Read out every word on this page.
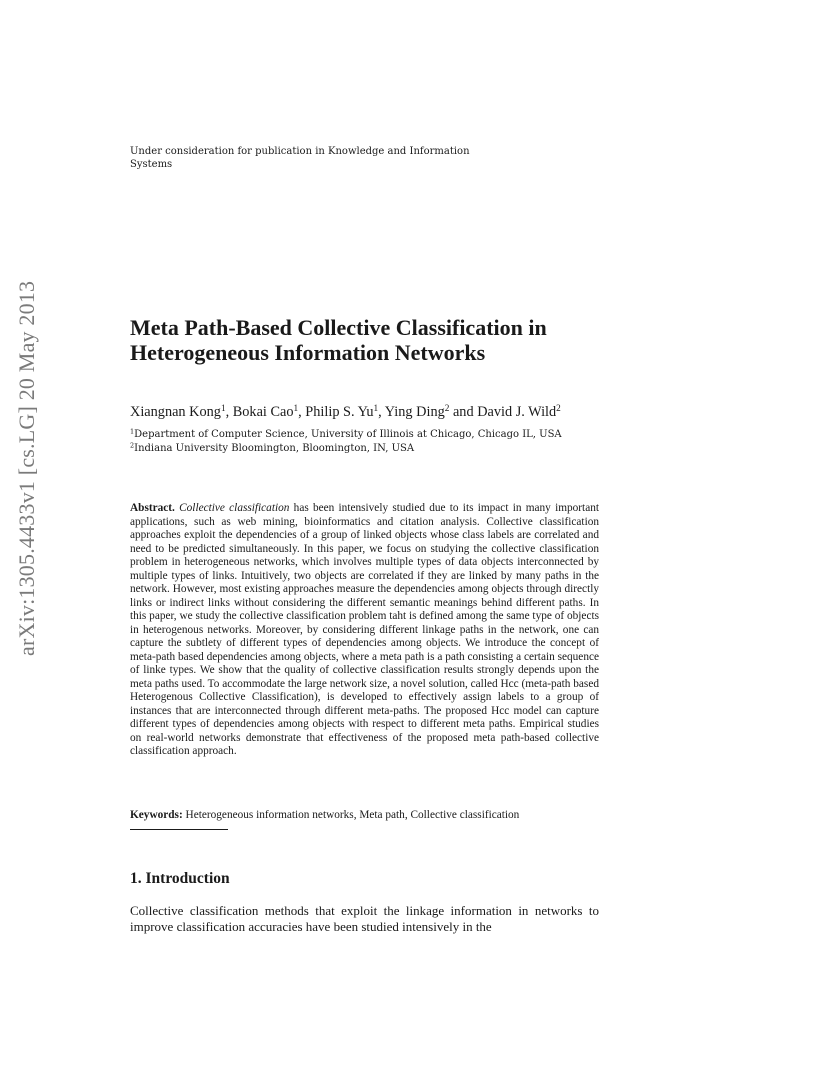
arXiv:1305.4433v1 [cs.LG] 20 May 2013
Under consideration for publication in Knowledge and Information Systems
Meta Path-Based Collective Classification in Heterogeneous Information Networks
Xiangnan Kong$^1$, Bokai Cao$^1$, Philip S. Yu$^1$, Ying Ding$^2$ and David J. Wild$^2$
$^1$Department of Computer Science, University of Illinois at Chicago, Chicago IL, USA
$^2$Indiana University Bloomington, Bloomington, IN, USA
Abstract. Collective classification has been intensively studied due to its impact in many important applications, such as web mining, bioinformatics and citation analysis. Collective classification approaches exploit the dependencies of a group of linked objects whose class labels are correlated and need to be predicted simultaneously. In this paper, we focus on studying the collective classification problem in heterogeneous networks, which involves multiple types of data objects interconnected by multiple types of links. Intuitively, two objects are correlated if they are linked by many paths in the network. However, most existing approaches measure the dependencies among objects through directly links or indirect links without considering the different semantic meanings behind different paths. In this paper, we study the collective classification problem taht is defined among the same type of objects in heterogenous networks. Moreover, by considering different linkage paths in the network, one can capture the subtlety of different types of dependencies among objects. We introduce the concept of meta-path based dependencies among objects, where a meta path is a path consisting a certain sequence of linke types. We show that the quality of collective classification results strongly depends upon the meta paths used. To accommodate the large network size, a novel solution, called Hcc (meta-path based Heterogenous Collective Classification), is developed to effectively assign labels to a group of instances that are interconnected through different meta-paths. The proposed Hcc model can capture different types of dependencies among objects with respect to different meta paths. Empirical studies on real-world networks demonstrate that effectiveness of the proposed meta path-based collective classification approach.
Keywords: Heterogeneous information networks, Meta path, Collective classification
1. Introduction
Collective classification methods that exploit the linkage information in networks to improve classification accuracies have been studied intensively in the
